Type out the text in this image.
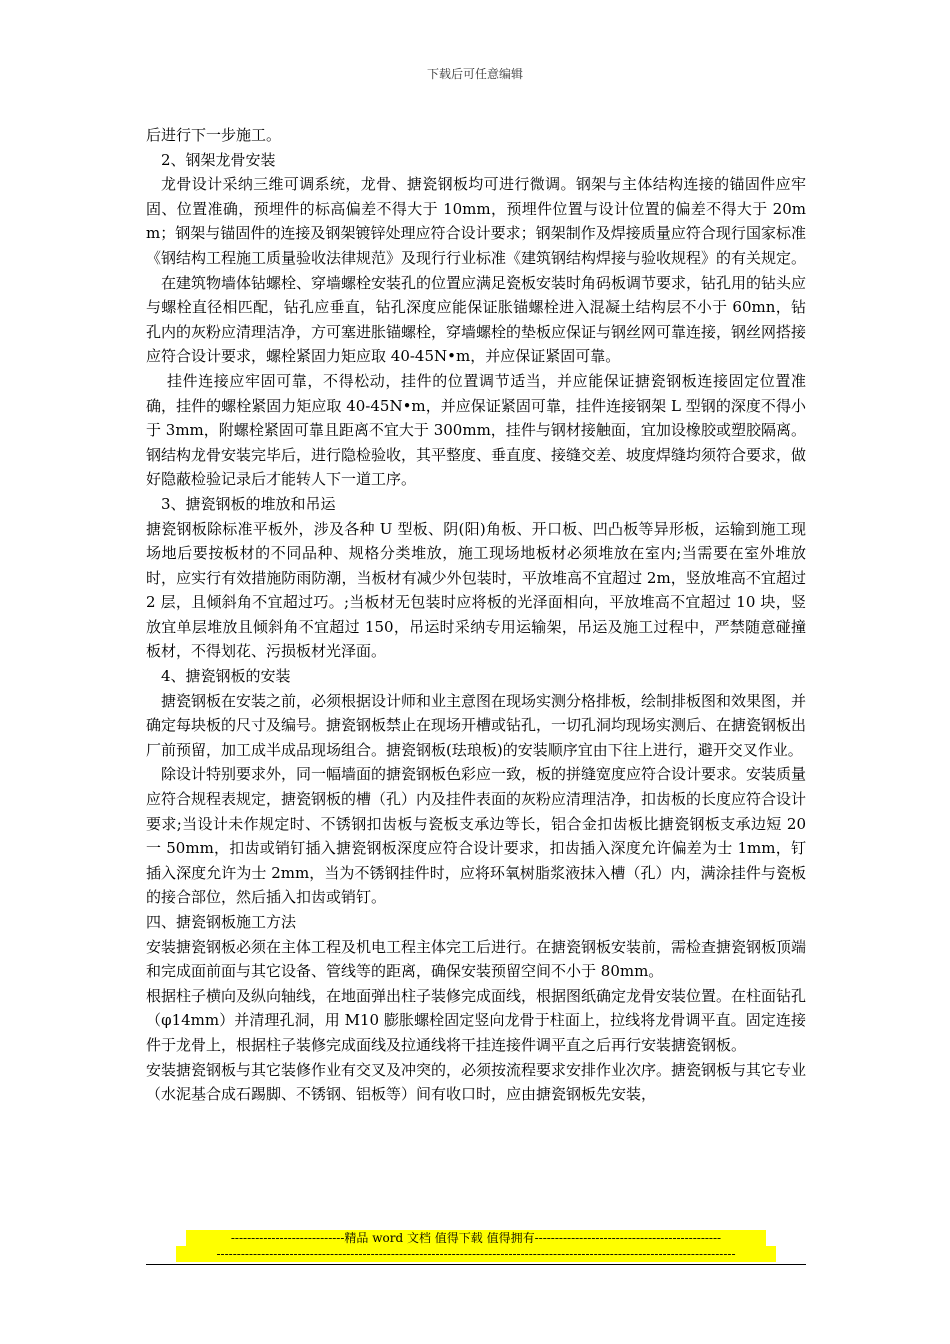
下载后可任意编辑

后进行下一步施工。

2、钢架龙骨安装

龙骨设计采纳三维可调系统，龙骨、搪瓷钢板均可进行微调。钢架与主体结构连接的锚固件应牢固、位置准确，预埋件的标高偏差不得大于 10mm，预埋件位置与设计位置的偏差不得大于 20mm；钢架与锚固件的连接及钢架镀锌处理应符合设计要求；钢架制作及焊接质量应符合现行国家标准《钢结构工程施工质量验收法律规范》及现行行业标准《建筑钢结构焊接与验收规程》的有关规定。

在建筑物墙体钻螺栓、穿墙螺栓安装孔的位置应满足瓷板安装时角码板调节要求，钻孔用的钻头应与螺栓直径相匹配，钻孔应垂直，钻孔深度应能保证胀锚螺栓进入混凝土结构层不小于 60mn，钻孔内的灰粉应清理洁净，方可塞进胀锚螺栓，穿墙螺栓的垫板应保证与钢丝网可靠连接，钢丝网搭接应符合设计要求，螺栓紧固力矩应取 40-45N•m，并应保证紧固可靠。

挂件连接应牢固可靠，不得松动，挂件的位置调节适当，并应能保证搪瓷钢板连接固定位置准确，挂件的螺栓紧固力矩应取 40-45N•m，并应保证紧固可靠，挂件连接钢架 L 型钢的深度不得小于 3mm，附螺栓紧固可靠且距离不宜大于 300mm，挂件与钢材接触面，宜加设橡胶或塑胶隔离。钢结构龙骨安装完毕后，进行隐检验收，其平整度、垂直度、接缝交差、坡度焊缝均须符合要求，做好隐蔽检验记录后才能转人下一道工序。

3、搪瓷钢板的堆放和吊运

搪瓷钢板除标准平板外，涉及各种 U 型板、阴(阳)角板、开口板、凹凸板等异形板，运输到施工现场地后要按板材的不同品种、规格分类堆放，施工现场地板材必须堆放在室内;当需要在室外堆放时，应实行有效措施防雨防潮，当板材有减少外包装时，平放堆高不宜超过 2m，竖放堆高不宜超过 2 层，且倾斜角不宜超过巧。;当板材无包装时应将板的光泽面相向，平放堆高不宜超过 10 块，竖放宜单层堆放且倾斜角不宜超过 150，吊运时采纳专用运输架，吊运及施工过程中，严禁随意碰撞板材，不得划花、污损板材光泽面。

4、搪瓷钢板的安装

搪瓷钢板在安装之前，必须根据设计师和业主意图在现场实测分格排板，绘制排板图和效果图，并确定每块板的尺寸及编号。搪瓷钢板禁止在现场开槽或钻孔，一切孔洞均现场实测后、在搪瓷钢板出厂前预留，加工成半成品现场组合。搪瓷钢板(珐琅板)的安装顺序宜由下往上进行，避开交叉作业。

除设计特别要求外，同一幅墙面的搪瓷钢板色彩应一致，板的拼缝宽度应符合设计要求。安装质量应符合规程表规定，搪瓷钢板的槽（孔）内及挂件表面的灰粉应清理洁净，扣齿板的长度应符合设计要求;当设计未作规定时、不锈钢扣齿板与瓷板支承边等长，铝合金扣齿板比搪瓷钢板支承边短 20 一 50mm，扣齿或销钉插入搪瓷钢板深度应符合设计要求，扣齿插入深度允许偏差为士 1mm，钉插入深度允许为士 2mm，当为不锈钢挂件时，应将环氧树脂浆液抹入槽（孔）内，满涂挂件与瓷板的接合部位，然后插入扣齿或销钉。

四、搪瓷钢板施工方法

安装搪瓷钢板必须在主体工程及机电工程主体完工后进行。在搪瓷钢板安装前，需检查搪瓷钢板顶端和完成面前面与其它设备、管线等的距离，确保安装预留空间不小于 80mm。

根据柱子横向及纵向轴线，在地面弹出柱子装修完成面线，根据图纸确定龙骨安装位置。在柱面钻孔（φ14mm）并清理孔洞，用 M10 膨胀螺栓固定竖向龙骨于柱面上，拉线将龙骨调平直。固定连接件于龙骨上，根据柱子装修完成面线及拉通线将干挂连接件调平直之后再行安装搪瓷钢板。

安装搪瓷钢板与其它装修作业有交叉及冲突的，必须按流程要求安排作业次序。搪瓷钢板与其它专业（水泥基合成石踢脚、不锈钢、铝板等）间有收口时，应由搪瓷钢板先安装，

----------------------------精品 word 文档 值得下载 值得拥有----------------------------------------------
--------------------------------------------------------------------------------------------------------------------------------
